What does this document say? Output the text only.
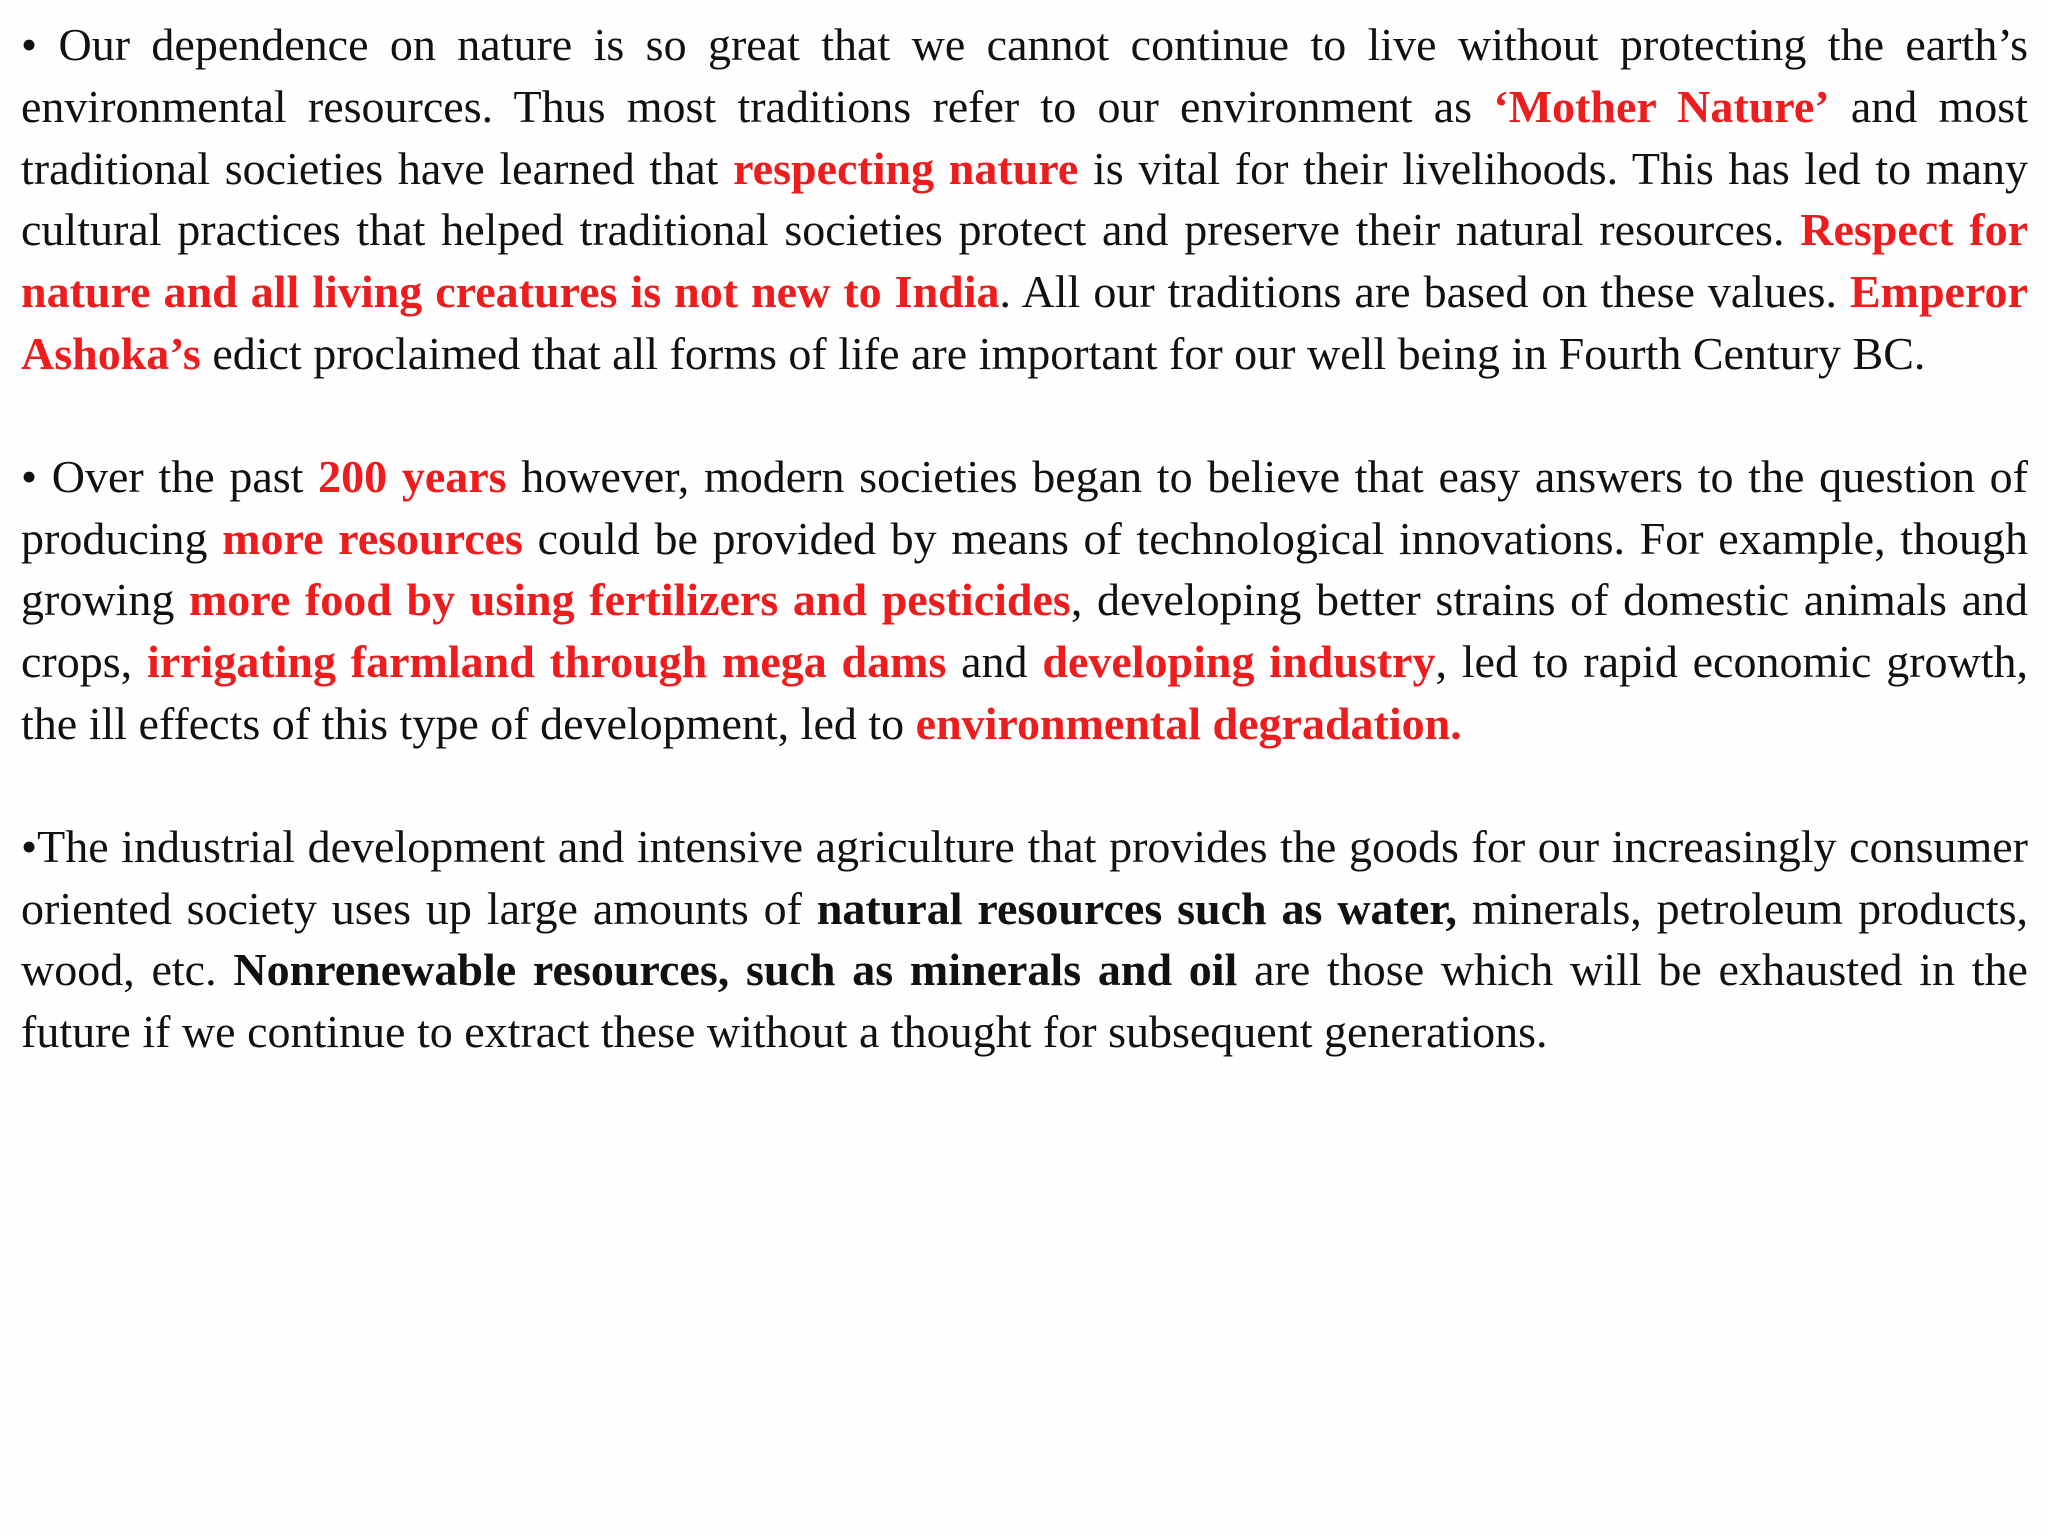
• Our dependence on nature is so great that we cannot continue to live without protecting the earth’s environmental resources. Thus most traditions refer to our environment as ‘Mother Nature’ and most traditional societies have learned that respecting nature is vital for their livelihoods. This has led to many cultural practices that helped traditional societies protect and preserve their natural resources. Respect for nature and all living creatures is not new to India. All our traditions are based on these values. Emperor Ashoka’s edict proclaimed that all forms of life are important for our well being in Fourth Century BC.

• Over the past 200 years however, modern societies began to believe that easy answers to the question of producing more resources could be provided by means of technological innovations. For example, though growing more food by using fertilizers and pesticides, developing better strains of domestic animals and crops, irrigating farmland through mega dams and developing industry, led to rapid economic growth, the ill effects of this type of development, led to environmental degradation.

•The industrial development and intensive agriculture that provides the goods for our increasingly consumer oriented society uses up large amounts of natural resources such as water, minerals, petroleum products, wood, etc. Nonrenewable resources, such as minerals and oil are those which will be exhausted in the future if we continue to extract these without a thought for subsequent generations.
